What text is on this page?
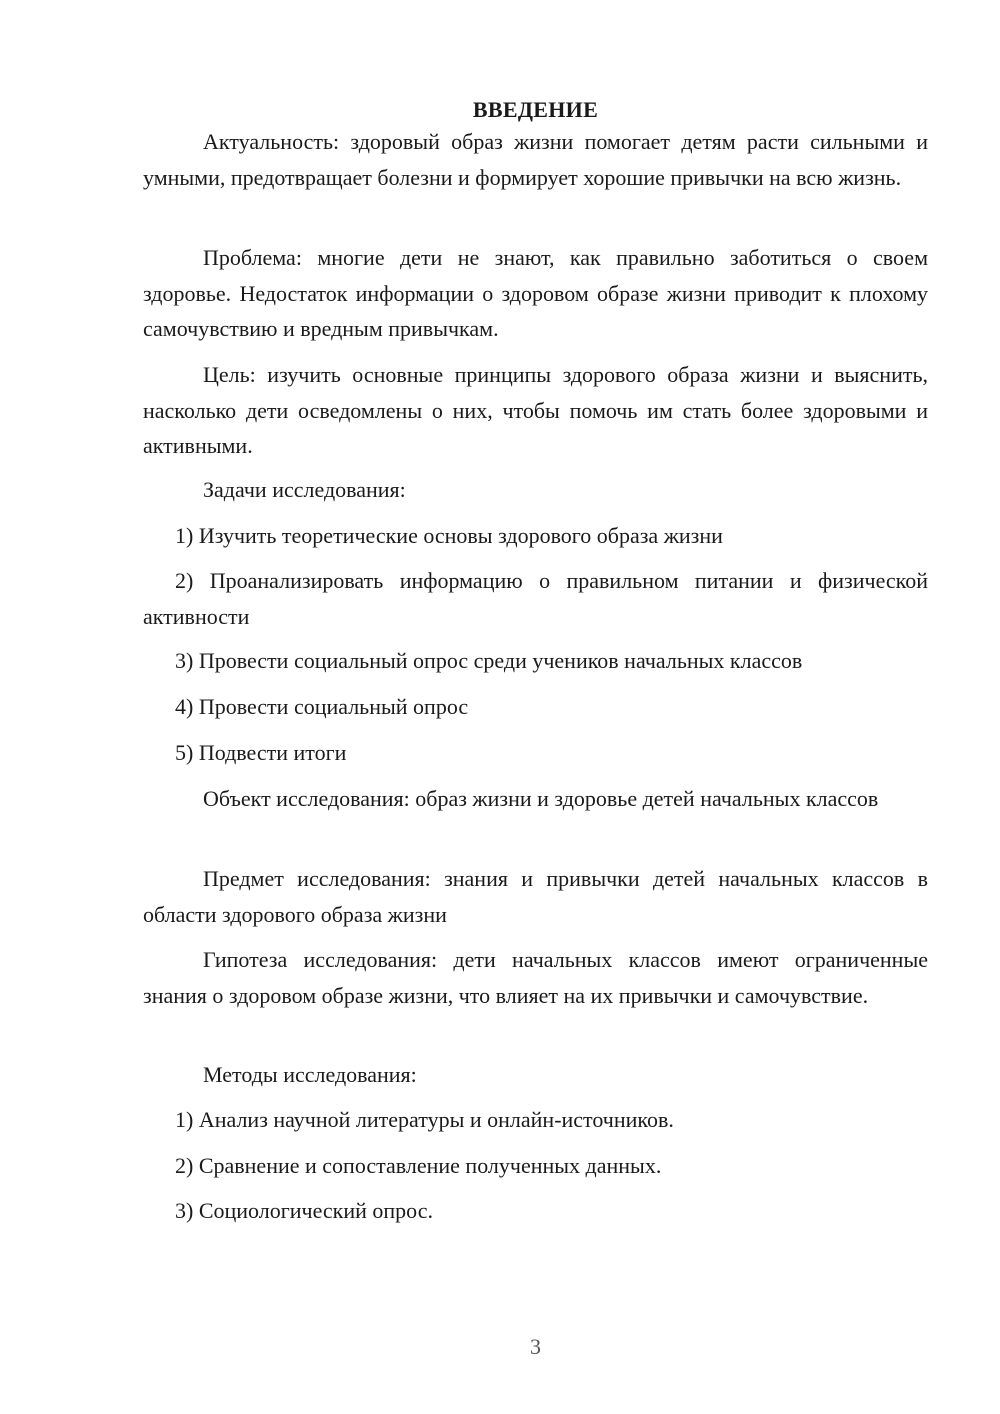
ВВЕДЕНИЕ

Актуальность: здоровый образ жизни помогает детям расти сильными и умными, предотвращает болезни и формирует хорошие привычки на всю жизнь.

Проблема: многие дети не знают, как правильно заботиться о своем здоровье. Недостаток информации о здоровом образе жизни приводит к плохому самочувствию и вредным привычкам.

Цель: изучить основные принципы здорового образа жизни и выяснить, насколько дети осведомлены о них, чтобы помочь им стать более здоровыми и активными.

Задачи исследования:

1) Изучить теоретические основы здорового образа жизни

2) Проанализировать информацию о правильном питании и физической активности

3) Провести социальный опрос среди учеников начальных классов

4) Провести социальный опрос

5) Подвести итоги

Объект исследования: образ жизни и здоровье детей начальных классов

Предмет исследования: знания и привычки детей начальных классов в области здорового образа жизни

Гипотеза исследования: дети начальных классов имеют ограниченные знания о здоровом образе жизни, что влияет на их привычки и самочувствие.

Методы исследования:

1) Анализ научной литературы и онлайн-источников.

2) Сравнение и сопоставление полученных данных.

3) Социологический опрос.

3
